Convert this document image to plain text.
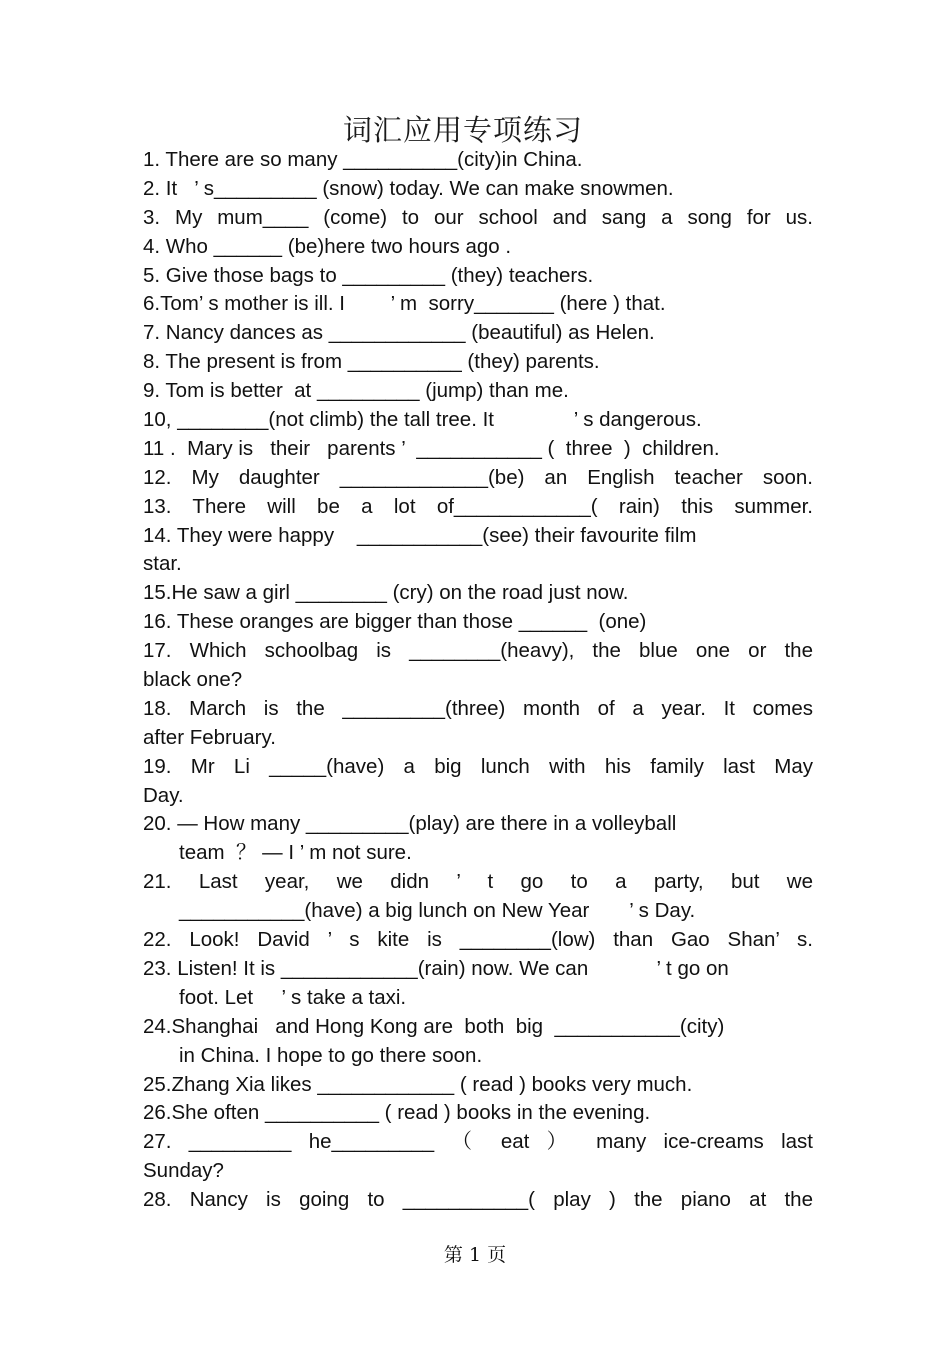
词汇应用专项练习
1. There are so many __________(city)in China.
2. It   ’ s_________ (snow) today. We can make snowmen.
3. My mum____ (come) to our school and sang a song for us.
4. Who ______ (be)here two hours ago .
5. Give those bags to _________ (they) teachers.
6.Tom’ s mother is ill. I        ’ m  sorry_______ (here ) that.
7. Nancy dances as ____________ (beautiful) as Helen.
8. The present is from __________ (they) parents.
9. Tom is better  at _________ (jump) than me.
10, ________(not climb) the tall tree. It              ’ s dangerous.
11 .  Mary is   their   parents ’  ___________ (  three  )  children.
12. My daughter _____________(be) an English teacher soon.
13. There will be a lot of____________( rain) this summer.
14. They were happy    ___________(see) their favourite film
star.
15.He saw a girl ________ (cry) on the road just now.
16. These oranges are bigger than those ______  (one)
17. Which schoolbag is ________(heavy), the blue one or the
black one?
18. March is the _________(three) month of a year. It comes
after February.
19. Mr Li _____(have) a big lunch with his family last May
Day.
20. — How many _________(play) are there in a volleyball
team  ？ — I ’ m not sure.
21. Last year, we didn ’ t go to a party, but we
___________(have) a big lunch on New Year       ’ s Day.
22. Look! David ’ s kite is ________(low) than Gao Shan’ s.
23. Listen! It is ____________(rain) now. We can            ’ t go on
foot. Let     ’ s take a taxi.
24.Shanghai   and Hong Kong are  both  big  ___________(city)
in China. I hope to go there soon.
25.Zhang Xia likes ____________ ( read ) books very much.
26.She often __________ ( read ) books in the evening.
27. _________ he_________ （ eat ） many ice-creams last
Sunday?
28. Nancy is going to ___________( play ) the piano at the
第 1 页
